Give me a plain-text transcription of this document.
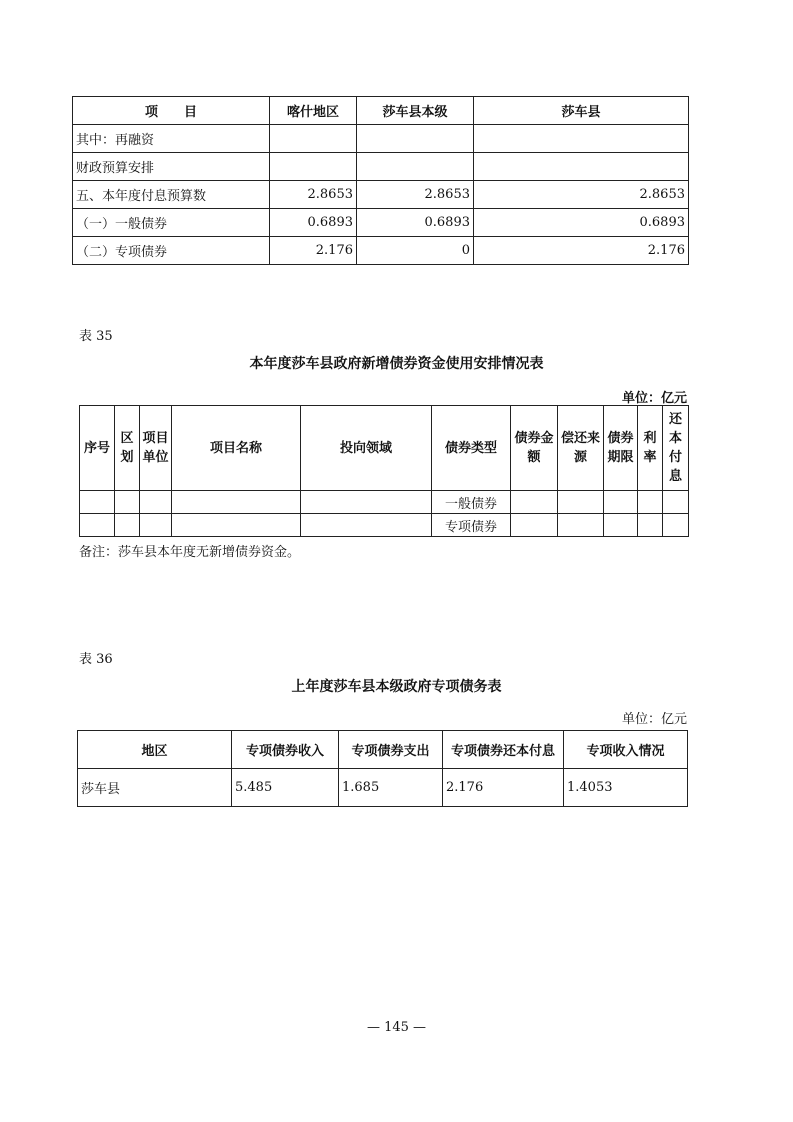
项　　目	喀什地区	莎车县本级	莎车县
其中：再融资			
财政预算安排			
五、本年度付息预算数	2.8653	2.8653	2.8653
（一）一般债券	0.6893	0.6893	0.6893
（二）专项债券	2.176	0	2.176
表 35
本年度莎车县政府新增债券资金使用安排情况表
单位：亿元
序号	区划	项目单位	项目名称	投向领域	债券类型	债券金额	偿还来源	债券期限	利率	还本付息
					一般债券					
					专项债券					
备注：莎车县本年度无新增债券资金。
表 36
上年度莎车县本级政府专项债务表
单位：亿元
地区	专项债券收入	专项债券支出	专项债券还本付息	专项收入情况
莎车县	5.485	1.685	2.176	1.4053
— 145 —
